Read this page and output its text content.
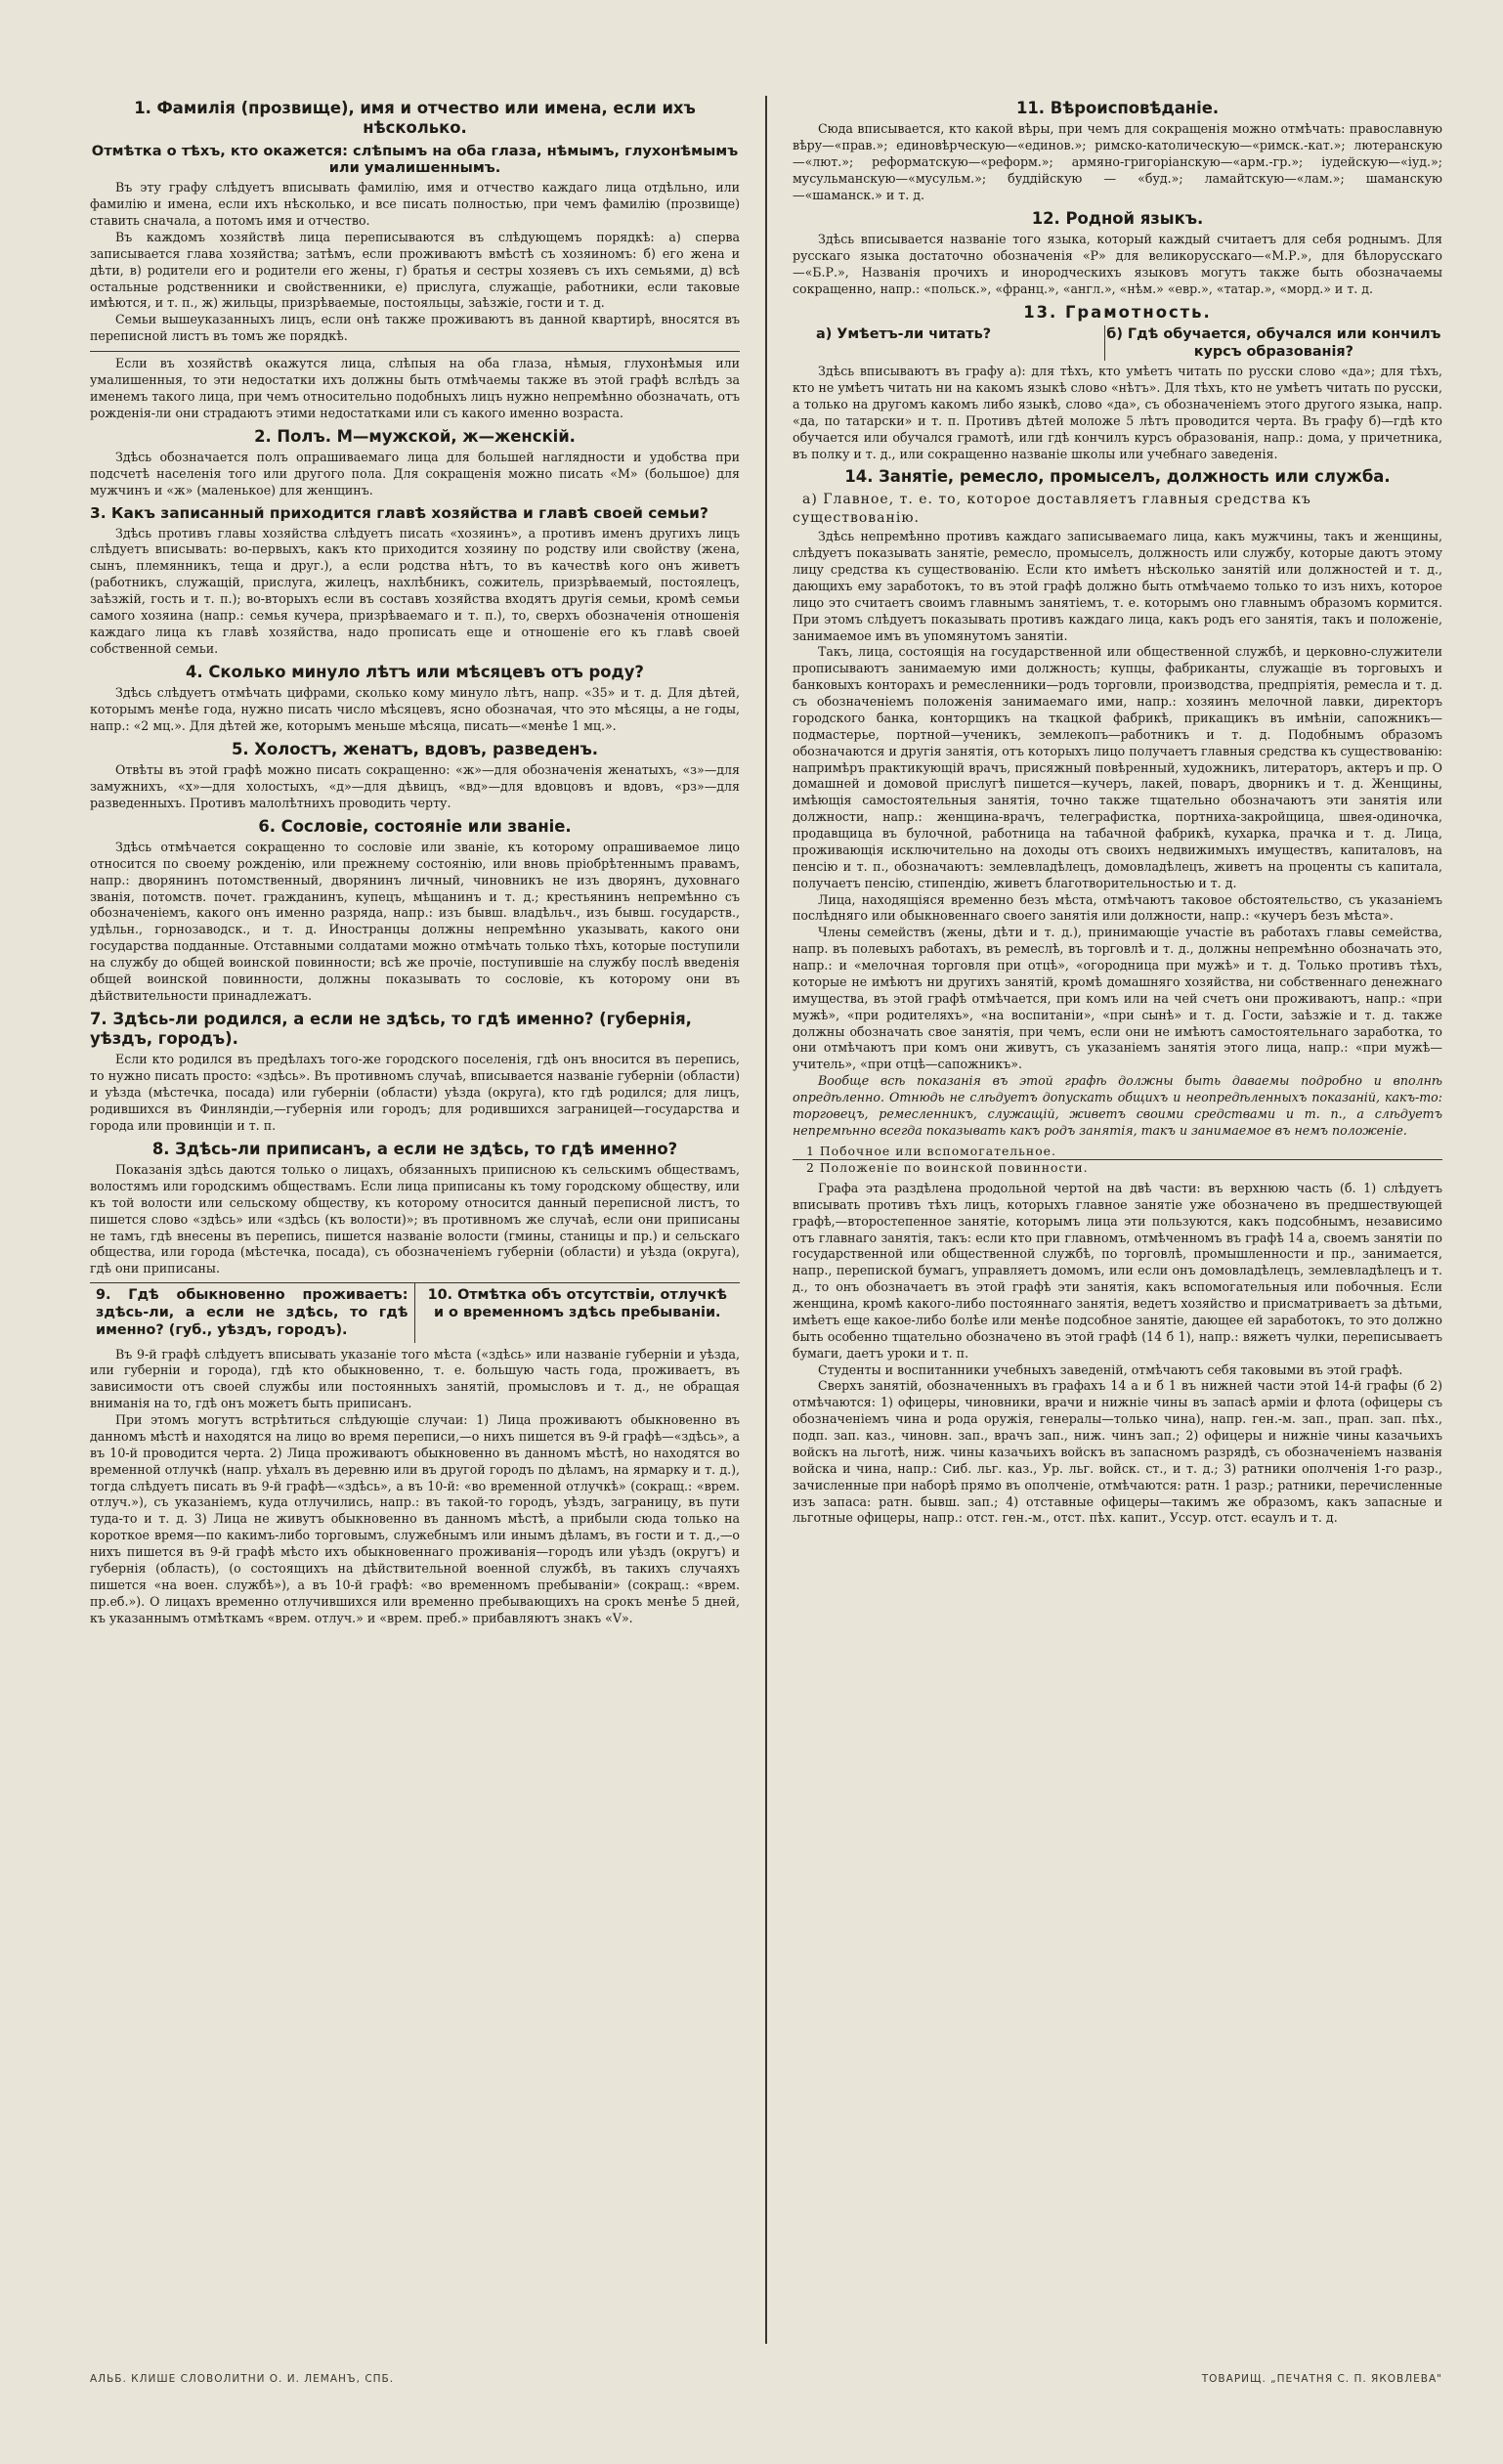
1. Фамилія (прозвище), имя и отчество или имена, если ихъ нѣсколько.
Отмѣтка о тѣхъ, кто окажется: слѣпымъ на оба глаза, нѣмымъ, глухонѣмымъ или умалишеннымъ.

Въ эту графу слѣдуетъ вписывать фамилію, имя и отчество каждаго лица отдѣльно, или фамилію и имена, если ихъ нѣсколько, и все писать полностью, при чемъ фамилію (прозвище) ставить сначала, а потомъ имя и отчество.

Въ каждомъ хозяйствѣ лица переписываются въ слѣдующемъ порядкѣ: а) сперва записывается глава хозяйства; затѣмъ, если проживаютъ вмѣстѣ съ хозяиномъ: б) его жена и дѣти, в) родители его и родители его жены, г) братья и сестры хозяевъ съ ихъ семьями, д) всѣ остальные родственники и свойственники, е) прислуга, служащіе, работники, если таковые имѣются, и т. п., ж) жильцы, призрѣваемые, постояльцы, заѣзжіе, гости и т. д.

Семьи вышеуказанныхъ лицъ, если онѣ также проживаютъ въ данной квартирѣ, вносятся въ переписной листъ въ томъ же порядкѣ.

Если въ хозяйствѣ окажутся лица, слѣпыя на оба глаза, нѣмыя, глухонѣмыя или умалишенныя, то эти недостатки ихъ должны быть отмѣчаемы также въ этой графѣ вслѣдъ за именемъ такого лица, при чемъ относительно подобныхъ лицъ нужно непремѣнно обозначать, отъ рожденія-ли они страдаютъ этими недостатками или съ какого именно возраста.

2. Полъ. М—мужской, ж—женскій.

Здѣсь обозначается полъ опрашиваемаго лица для большей наглядности и удобства при подсчетѣ населенія того или другого пола. Для сокращенія можно писать «М» (большое) для мужчинъ и «ж» (маленькое) для женщинъ.

3. Какъ записанный приходится главѣ хозяйства и главѣ своей семьи?

Здѣсь противъ главы хозяйства слѣдуетъ писать «хозяинъ», а противъ именъ другихъ лицъ слѣдуетъ вписывать: во-первыхъ, какъ кто приходится хозяину по родству или свойству (жена, сынъ, племянникъ, теща и друг.), а если родства нѣтъ, то въ качествѣ кого онъ живетъ (работникъ, служащій, прислуга, жилецъ, нахлѣбникъ, сожитель, призрѣваемый, постоялецъ, заѣзжій, гость и т. п.); во-вторыхъ если въ составъ хозяйства входятъ другія семьи, кромѣ семьи самого хозяина (напр.: семья кучера, призрѣваемаго и т. п.), то, сверхъ обозначенія отношенія каждаго лица къ главѣ хозяйства, надо прописать еще и отношеніе его къ главѣ своей собственной семьи.

4. Сколько минуло лѣтъ или мѣсяцевъ отъ роду?

Здѣсь слѣдуетъ отмѣчать цифрами, сколько кому минуло лѣтъ, напр. «35» и т. д. Для дѣтей, которымъ менѣе года, нужно писать число мѣсяцевъ, ясно обозначая, что это мѣсяцы, а не годы, напр.: «2 мц.». Для дѣтей же, которымъ меньше мѣсяца, писать—«менѣе 1 мц.».

5. Холостъ, женатъ, вдовъ, разведенъ.

Отвѣты въ этой графѣ можно писать сокращенно: «ж»—для обозначенія женатыхъ, «з»—для замужнихъ, «х»—для холостыхъ, «д»—для дѣвицъ, «вд»—для вдовцовъ и вдовъ, «рз»—для разведенныхъ. Противъ малолѣтнихъ проводить черту.

6. Сословіе, состояніе или званіе.

Здѣсь отмѣчается сокращенно то сословіе или званіе, къ которому опрашиваемое лицо относится по своему рожденію, или прежнему состоянію, или вновь пріобрѣтеннымъ правамъ, напр.: дворянинъ потомственный, дворянинъ личный, чиновникъ не изъ дворянъ, духовнаго званія, потомств. почет. гражданинъ, купецъ, мѣщанинъ и т. д.; крестьянинъ непремѣнно съ обозначеніемъ, какого онъ именно разряда, напр.: изъ бывш. владѣльч., изъ бывш. государств., удѣльн., горнозаводск., и т. д. Иностранцы должны непремѣнно указывать, какого они государства подданные. Отставными солдатами можно отмѣчать только тѣхъ, которые поступили на службу до общей воинской повинности; всѣ же прочіе, поступившіе на службу послѣ введенія общей воинской повинности, должны показывать то сословіе, къ которому они въ дѣйствительности принадлежатъ.

7. Здѣсь-ли родился, а если не здѣсь, то гдѣ именно? (губернія, уѣздъ, городъ).

Если кто родился въ предѣлахъ того-же городского поселенія, гдѣ онъ вносится въ перепись, то нужно писать просто: «здѣсь». Въ противномъ случаѣ, вписывается названіе губерніи (области) и уѣзда (мѣстечка, посада) или губерніи (области) уѣзда (округа), кто гдѣ родился; для лицъ, родившихся въ Финляндіи,—губернія или городъ; для родившихся заграницей—государства и города или провинціи и т. п.

8. Здѣсь-ли приписанъ, а если не здѣсь, то гдѣ именно?

Показанія здѣсь даются только о лицахъ, обязанныхъ приписною къ сельскимъ обществамъ, волостямъ или городскимъ обществамъ. Если лица приписаны къ тому городскому обществу, или къ той волости или сельскому обществу, къ которому относится данный переписной листъ, то пишется слово «здѣсь» или «здѣсь (къ волости)»; въ противномъ же случаѣ, если они приписаны не тамъ, гдѣ внесены въ перепись, пишется названіе волости (гмины, станицы и пр.) и сельскаго общества, или города (мѣстечка, посада), съ обозначеніемъ губерніи (области) и уѣзда (округа), гдѣ они приписаны.

9. Гдѣ обыкновенно проживаетъ: здѣсь-ли, а если не здѣсь, то гдѣ именно? (губ., уѣздъ, городъ).
10. Отмѣтка объ отсутствіи, отлучкѣ и о временномъ здѣсь пребываніи.

Въ 9-й графѣ слѣдуетъ вписывать указаніе того мѣста («здѣсь» или названіе губерніи и уѣзда, или губерніи и города), гдѣ кто обыкновенно, т. е. большую часть года, проживаетъ, въ зависимости отъ своей службы или постоянныхъ занятій, промысловъ и т. д., не обращая вниманія на то, гдѣ онъ можетъ быть приписанъ.

При этомъ могутъ встрѣтиться слѣдующіе случаи: 1) Лица проживаютъ обыкновенно въ данномъ мѣстѣ и находятся на лицо во время переписи,—о нихъ пишется въ 9-й графѣ—«здѣсь», а въ 10-й проводится черта. 2) Лица проживаютъ обыкновенно въ данномъ мѣстѣ, но находятся во временной отлучкѣ (напр. уѣхалъ въ деревню или въ другой городъ по дѣламъ, на ярмарку и т. д.), тогда слѣдуетъ писать въ 9-й графѣ—«здѣсь», а въ 10-й: «во временной отлучкѣ» (сокращ.: «врем. отлуч.»), съ указаніемъ, куда отлучились, напр.: въ такой-то городъ, уѣздъ, заграницу, въ пути туда-то и т. д. 3) Лица не живутъ обыкновенно въ данномъ мѣстѣ, а прибыли сюда только на короткое время—по какимъ-либо торговымъ, служебнымъ или инымъ дѣламъ, въ гости и т. д.,—о нихъ пишется въ 9-й графѣ мѣсто ихъ обыкновеннаго проживанія—городъ или уѣздъ (округъ) и губернія (область), (о состоящихъ на дѣйствительной военной службѣ, въ такихъ случаяхъ пишется «на воен. службѣ»), а въ 10-й графѣ: «во временномъ пребываніи» (сокращ.: «врем. пр.еб.»). О лицахъ временно отлучившихся или временно пребывающихъ на срокъ менѣе 5 дней, къ указаннымъ отмѣткамъ «врем. отлуч.» и «врем. преб.» прибавляютъ знакъ «V».

11. Вѣроисповѣданіе.

Сюда вписывается, кто какой вѣры, при чемъ для сокращенія можно отмѣчать: православную вѣру—«прав.»; единовѣрческую—«единов.»; римско-католическую—«римск.-кат.»; лютеранскую—«лют.»; реформатскую—«реформ.»; армяно-григоріанскую—«арм.-гр.»; іудейскую—«іуд.»; мусульманскую—«мусульм.»; буддійскую — «буд.»; ламайтскую—«лам.»; шаманскую—«шаманск.» и т. д.

12. Родной языкъ.

Здѣсь вписывается названіе того языка, который каждый считаетъ для себя роднымъ. Для русскаго языка достаточно обозначенія «Р» для великорусскаго—«М.Р.», для бѣлорусскаго—«Б.Р.», Названія прочихъ и инородческихъ языковъ могутъ также быть обозначаемы сокращенно, напр.: «польск.», «франц.», «англ.», «нѣм.» «евр.», «татар.», «морд.» и т. д.

13. Грамотность.
а) Умѣетъ-ли читать?	б) Гдѣ обучается, обучался или кончилъ курсъ образованія?

Здѣсь вписываютъ въ графу а): для тѣхъ, кто умѣетъ читать по русски слово «да»; для тѣхъ, кто не умѣетъ читать ни на какомъ языкѣ слово «нѣтъ». Для тѣхъ, кто не умѣетъ читать по русски, а только на другомъ какомъ либо языкѣ, слово «да», съ обозначеніемъ этого другого языка, напр. «да, по татарски» и т. п. Противъ дѣтей моложе 5 лѣтъ проводится черта. Въ графу б)—гдѣ кто обучается или обучался грамотѣ, или гдѣ кончилъ курсъ образованія, напр.: дома, у причетника, въ полку и т. д., или сокращенно названіе школы или учебнаго заведенія.

14. Занятіе, ремесло, промыселъ, должность или служба.

а) Главное, т. е. то, которое доставляетъ главныя средства къ существованію.

Здѣсь непремѣнно противъ каждаго записываемаго лица, какъ мужчины, такъ и женщины, слѣдуетъ показывать занятіе, ремесло, промыселъ, должность или службу, которые даютъ этому лицу средства къ существованію. Если кто имѣетъ нѣсколько занятій или должностей и т. д., дающихъ ему заработокъ, то въ этой графѣ должно быть отмѣчаемо только то изъ нихъ, которое лицо это считаетъ своимъ главнымъ занятіемъ, т. е. которымъ оно главнымъ образомъ кормится. При этомъ слѣдуетъ показывать противъ каждаго лица, какъ родъ его занятія, такъ и положеніе, занимаемое имъ въ упомянутомъ занятіи.

Такъ, лица, состоящія на государственной или общественной службѣ, и церковно-служители прописываютъ занимаемую ими должность; купцы, фабриканты, служащіе въ торговыхъ и банковыхъ конторахъ и ремесленники—родъ торговли, производства, предпріятія, ремесла и т. д. съ обозначеніемъ положенія занимаемаго ими, напр.: хозяинъ мелочной лавки, директоръ городского банка, конторщикъ на ткацкой фабрикѣ, прикащикъ въ имѣніи, сапожникъ—подмастерье, портной—ученикъ, землекопъ—работникъ и т. д. Подобнымъ образомъ обозначаются и другія занятія, отъ которыхъ лицо получаетъ главныя средства къ существованію: напримѣръ практикующій врачъ, присяжный повѣренный, художникъ, литераторъ, актеръ и пр. О домашней и домовой прислугѣ пишется—кучеръ, лакей, поваръ, дворникъ и т. д. Женщины, имѣющія самостоятельныя занятія, точно также тщательно обозначаютъ эти занятія или должности, напр.: женщина-врачъ, телеграфистка, портниха-закройщица, швея-одиночка, продавщица въ булочной, работница на табачной фабрикѣ, кухарка, прачка и т. д. Лица, проживающія исключительно на доходы отъ своихъ недвижимыхъ имуществъ, капиталовъ, на пенсію и т. п., обозначаютъ: землевладѣлецъ, домовладѣлецъ, живетъ на проценты съ капитала, получаетъ пенсію, стипендію, живетъ благотворительностью и т. д.

Лица, находящіяся временно безъ мѣста, отмѣчаютъ таковое обстоятельство, съ указаніемъ послѣдняго или обыкновеннаго своего занятія или должности, напр.: «кучеръ безъ мѣста».

Члены семействъ (жены, дѣти и т. д.), принимающіе участіе въ работахъ главы семейства, напр. въ полевыхъ работахъ, въ ремеслѣ, въ торговлѣ и т. д., должны непремѣнно обозначать это, напр.: и «мелочная торговля при отцѣ», «огородница при мужѣ» и т. д. Только противъ тѣхъ, которые не имѣютъ ни другихъ занятій, кромѣ домашняго хозяйства, ни собственнаго денежнаго имущества, въ этой графѣ отмѣчается, при комъ или на чей счетъ они проживаютъ, напр.: «при мужѣ», «при родителяхъ», «на воспитаніи», «при сынѣ» и т. д. Гости, заѣзжіе и т. д. также должны обозначать свое занятія, при чемъ, если они не имѣютъ самостоятельнаго заработка, то они отмѣчаютъ при комъ они живутъ, съ указаніемъ занятія этого лица, напр.: «при мужѣ—учитель», «при отцѣ—сапожникъ».

Вообще всѣ показанія въ этой графѣ должны быть даваемы подробно и вполнѣ опредѣленно. Отнюдь не слѣдуетъ допускать общихъ и неопредѣленныхъ показаній, какъ-то: торговецъ, ремесленникъ, служащій, живетъ своими средствами и т. п., а слѣдуетъ непремѣнно всегда показывать какъ родъ занятія, такъ и занимаемое въ немъ положеніе.

1 Побочное или вспомогательное.
2 Положеніе по воинской повинности.

Графа эта раздѣлена продольной чертой на двѣ части: въ верхнюю часть (б. 1) слѣдуетъ вписывать противъ тѣхъ лицъ, которыхъ главное занятіе уже обозначено въ предшествующей графѣ,—второстепенное занятіе, которымъ лица эти пользуются, какъ подсобнымъ, независимо отъ главнаго занятія, такъ: если кто при главномъ, отмѣченномъ въ графѣ 14 а, своемъ занятіи по государственной или общественной службѣ, по торговлѣ, промышленности и пр., занимается, напр., перепиской бумагъ, управляетъ домомъ, или если онъ домовладѣлецъ, землевладѣлецъ и т. д., то онъ обозначаетъ въ этой графѣ эти занятія, какъ вспомогательныя или побочныя. Если женщина, кромѣ какого-либо постояннаго занятія, ведетъ хозяйство и присматриваетъ за дѣтьми, имѣетъ еще какое-либо болѣе или менѣе подсобное занятіе, дающее ей заработокъ, то это должно быть особенно тщательно обозначено въ этой графѣ (14 б 1), напр.: вяжетъ чулки, переписываетъ бумаги, даетъ уроки и т. п.

Студенты и воспитанники учебныхъ заведеній, отмѣчаютъ себя таковыми въ этой графѣ.

Сверхъ занятій, обозначенныхъ въ графахъ 14 а и б 1 въ нижней части этой 14-й графы (б 2) отмѣчаются: 1) офицеры, чиновники, врачи и нижніе чины въ запасѣ арміи и флота (офицеры съ обозначеніемъ чина и рода оружія, генералы—только чина), напр. ген.-м. зап., прап. зап. пѣх., подп. зап. каз., чиновн. зап., врачъ зап., ниж. чинъ зап.; 2) офицеры и нижніе чины казачьихъ войскъ на льготѣ, ниж. чины казачьихъ войскъ въ запасномъ разрядѣ, съ обозначеніемъ названія войска и чина, напр.: Сиб. льг. каз., Ур. льг. войск. ст., и т. д.; 3) ратники ополченія 1-го разр., зачисленные при наборѣ прямо въ ополченіе, отмѣчаются: ратн. 1 разр.; ратники, перечисленные изъ запаса: ратн. бывш. зап.; 4) отставные офицеры—такимъ же образомъ, какъ запасные и льготные офицеры, напр.: отст. ген.-м., отст. пѣх. капит., Уссур. отст. есаулъ и т. д.

АЛЬБ. КЛИШЕ СЛОВОЛИТНИ О. И. ЛЕМАНЪ, СПБ.	ТОВАРИЩ. „ПЕЧАТНЯ С. П. ЯКОВЛЕВА"
